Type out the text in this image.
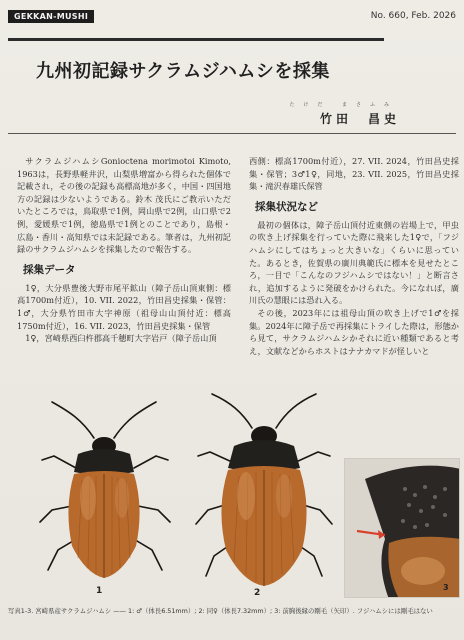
GEKKAN-MUSHI	No. 660, Feb. 2026
九州初記録サクラムジハムシを採集
たけだ まさふみ
竹田　昌史

サクラムジハムシGonioctena morimotoi Kimoto, 1963は，長野県軽井沢，山梨県増富から得られた個体で記載され，その後の記録も高標高地が多く，中国・四国地方の記録は少ないようである。鈴木 茂氏にご教示いただいたところでは，鳥取県で1例，岡山県で2例，山口県で2例，愛媛県で1例，徳島県で1例とのことであり，島根・広島・香川・高知県では未記録である。筆者は，九州初記録のサクラムジハムシを採集したので報告する。

採集データ

1♀，大分県豊後大野市尾平鉱山（障子岳山頂東側：標高1700m付近），10. VII. 2022，竹田昌史採集・保管：1♂，大分県竹田市大字神原（祖母山山頂付近：標高1750m付近），16. VII. 2023，竹田昌史採集・保管

1♀，宮崎県西臼杵郡高千穂町大字岩戸（障子岳山頂

西側：標高1700m付近），27. VII. 2024，竹田昌史採集・保管；3♂1♀，同地，23. VII. 2025，竹田昌史採集・滝沢春雄氏保管

採集状況など

最初の個体は，障子岳山頂付近東側の岩場上で，甲虫の吹き上げ採集を行っていた際に飛来した1♀で，「フジハムシにしてはちょっと大きいな」くらいに思っていた。あるとき，佐賀県の廣川典範氏に標本を見せたところ，一目で「こんなのフジハムシではない！」と断言され，追加するように発破をかけられた。今になれば，廣川氏の慧眼には恐れ入る。

その後，2023年には祖母山頂の吹き上げで1♂を採集。2024年に障子岳で再採集にトライした際は，形態から見て，サクラムジハムシかそれに近い種類であると考え，文献などからホストはナナカマドが怪しいと

1	2
3
写真1-3. 宮崎県産サクラムジハムシ —— 1: ♂（体長6.51mm）; 2: 同♀（体長7.32mm）; 3: 前胸後縁の剛毛（矢印）. フジハムシには剛毛はない
